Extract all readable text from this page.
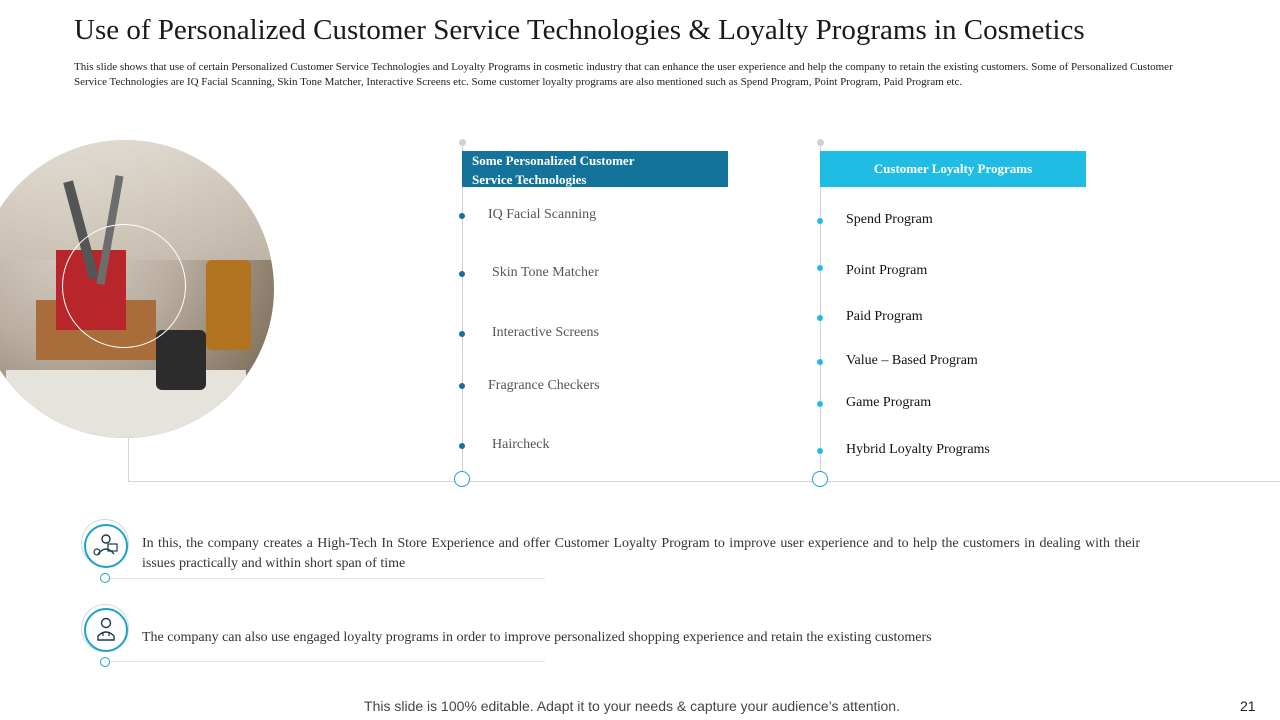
Use of Personalized Customer Service Technologies & Loyalty Programs in Cosmetics
This slide shows that use of certain Personalized Customer Service Technologies and Loyalty Programs in cosmetic industry that can enhance the user experience and help the company to retain the existing customers. Some of Personalized Customer Service Technologies are IQ Facial Scanning, Skin Tone Matcher, Interactive Screens etc. Some customer loyalty programs are also mentioned such as Spend Program, Point Program, Paid Program etc.
Some Personalized Customer
Service Technologies
IQ Facial Scanning
Skin Tone Matcher
Interactive Screens
Fragrance Checkers
Haircheck
Customer Loyalty Programs
Spend Program
Point Program
Paid Program
Value – Based Program
Game Program
Hybrid Loyalty Programs
In this, the company creates a High-Tech In Store Experience and offer Customer Loyalty Program to improve user experience and to help the customers in dealing with their issues practically and within short span of time
The company can also use engaged loyalty programs in order to improve personalized shopping experience and retain the existing customers
This slide is 100% editable. Adapt it to your needs & capture your audience’s attention.	21
